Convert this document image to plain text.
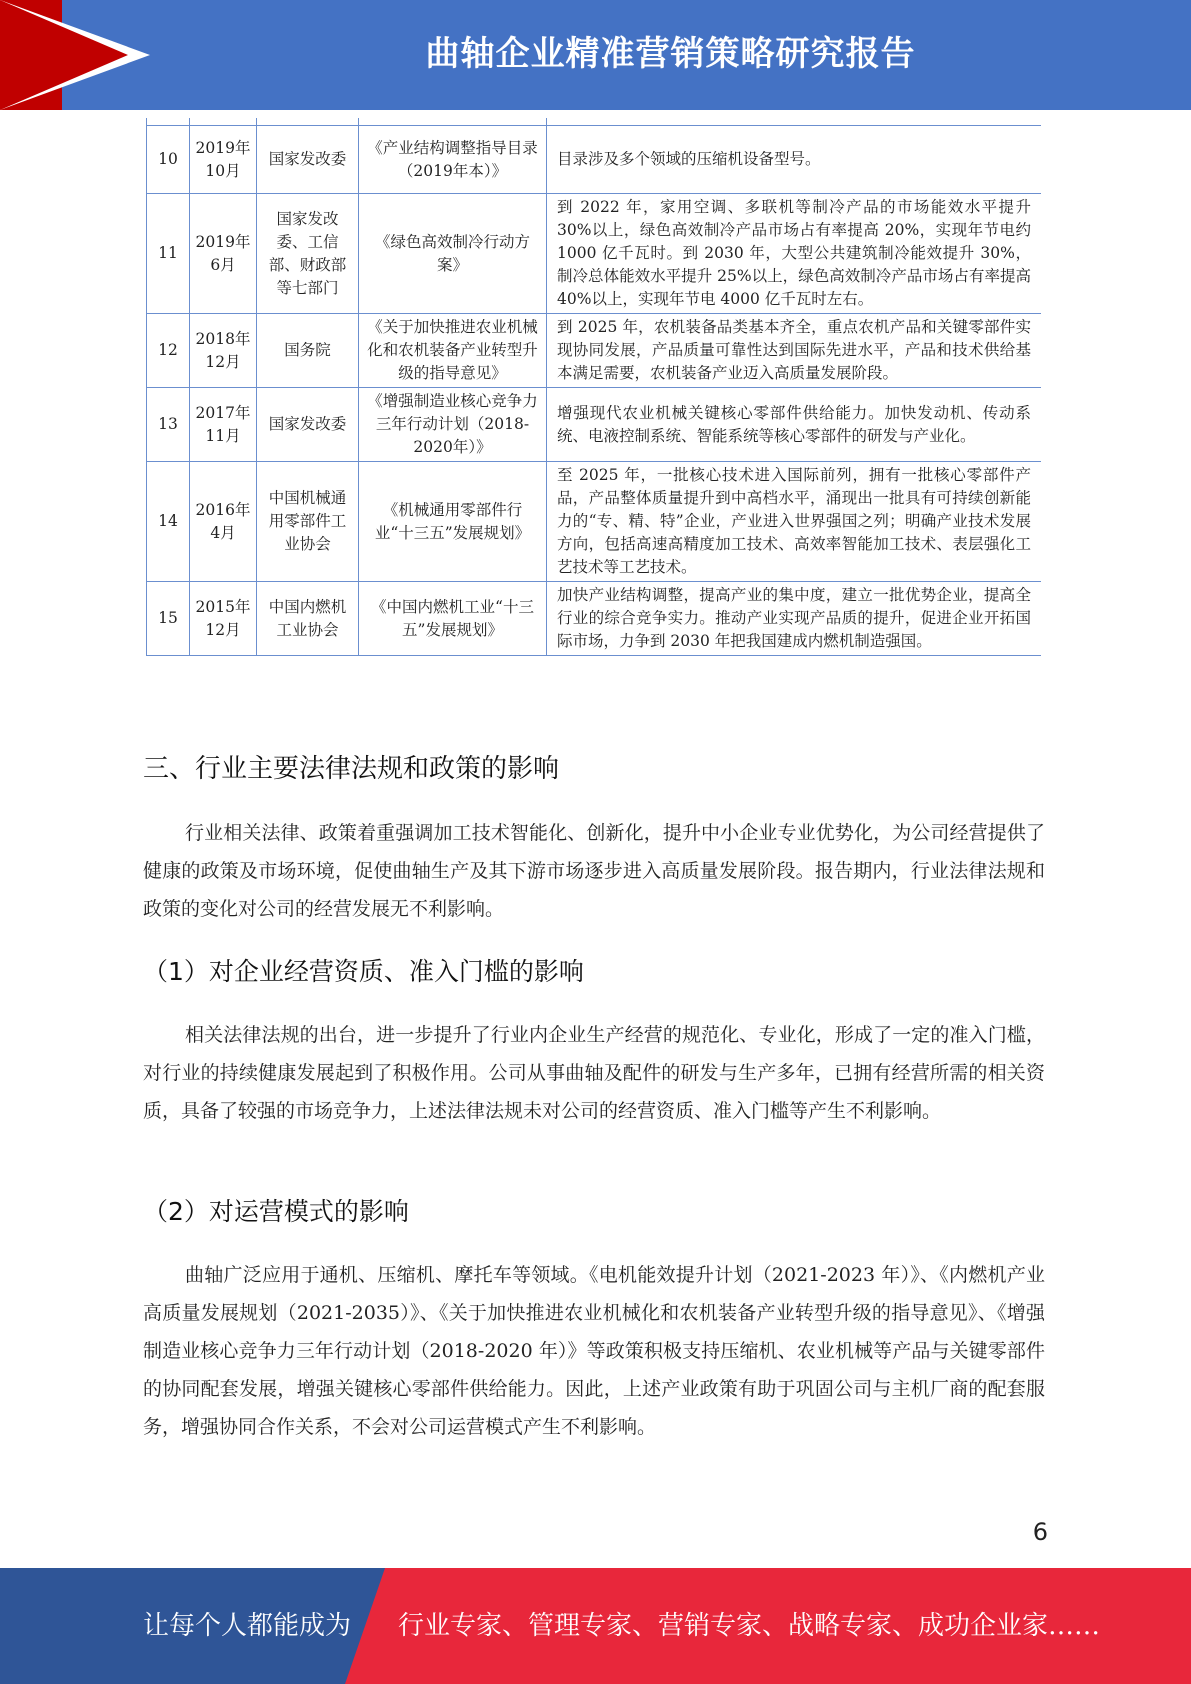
曲轴企业精准营销策略研究报告

10	2019年10月	国家发改委	《产业结构调整指导目录（2019年本）》	目录涉及多个领域的压缩机设备型号。
11	2019年6月	国家发改委、工信部、财政部等七部门	《绿色高效制冷行动方案》	到 2022 年，家用空调、多联机等制冷产品的市场能效水平提升 30%以上，绿色高效制冷产品市场占有率提高 20%，实现年节电约 1000 亿千瓦时。到 2030 年，大型公共建筑制冷能效提升 30%，制冷总体能效水平提升 25%以上，绿色高效制冷产品市场占有率提高 40%以上，实现年节电 4000 亿千瓦时左右。
12	2018年12月	国务院	《关于加快推进农业机械化和农机装备产业转型升级的指导意见》	到 2025 年，农机装备品类基本齐全，重点农机产品和关键零部件实现协同发展，产品质量可靠性达到国际先进水平，产品和技术供给基本满足需要，农机装备产业迈入高质量发展阶段。
13	2017年11月	国家发改委	《增强制造业核心竞争力三年行动计划（2018-2020年）》	增强现代农业机械关键核心零部件供给能力。加快发动机、传动系统、电液控制系统、智能系统等核心零部件的研发与产业化。
14	2016年4月	中国机械通用零部件工业协会	《机械通用零部件行业“十三五”发展规划》	至 2025 年，一批核心技术进入国际前列，拥有一批核心零部件产品，产品整体质量提升到中高档水平，涌现出一批具有可持续创新能力的“专、精、特”企业，产业进入世界强国之列；明确产业技术发展方向，包括高速高精度加工技术、高效率智能加工技术、表层强化工艺技术等工艺技术。
15	2015年12月	中国内燃机工业协会	《中国内燃机工业“十三五”发展规划》	加快产业结构调整，提高产业的集中度，建立一批优势企业，提高全行业的综合竞争实力。推动产业实现产品质的提升，促进企业开拓国际市场，力争到 2030 年把我国建成内燃机制造强国。
三、行业主要法律法规和政策的影响

行业相关法律、政策着重强调加工技术智能化、创新化，提升中小企业专业优势化，为公司经营提供了健康的政策及市场环境，促使曲轴生产及其下游市场逐步进入高质量发展阶段。报告期内，行业法律法规和政策的变化对公司的经营发展无不利影响。

（1）对企业经营资质、准入门槛的影响

相关法律法规的出台，进一步提升了行业内企业生产经营的规范化、专业化，形成了一定的准入门槛，对行业的持续健康发展起到了积极作用。公司从事曲轴及配件的研发与生产多年，已拥有经营所需的相关资质，具备了较强的市场竞争力，上述法律法规未对公司的经营资质、准入门槛等产生不利影响。

（2）对运营模式的影响

曲轴广泛应用于通机、压缩机、摩托车等领域。《电机能效提升计划（2021-2023 年）》、《内燃机产业高质量发展规划（2021-2035）》、《关于加快推进农业机械化和农机装备产业转型升级的指导意见》、《增强制造业核心竞争力三年行动计划（2018-2020 年）》等政策积极支持压缩机、农业机械等产品与关键零部件的协同配套发展，增强关键核心零部件供给能力。因此，上述产业政策有助于巩固公司与主机厂商的配套服务，增强协同合作关系，不会对公司运营模式产生不利影响。

6
让每个人都能成为 行业专家、管理专家、营销专家、战略专家、成功企业家……
